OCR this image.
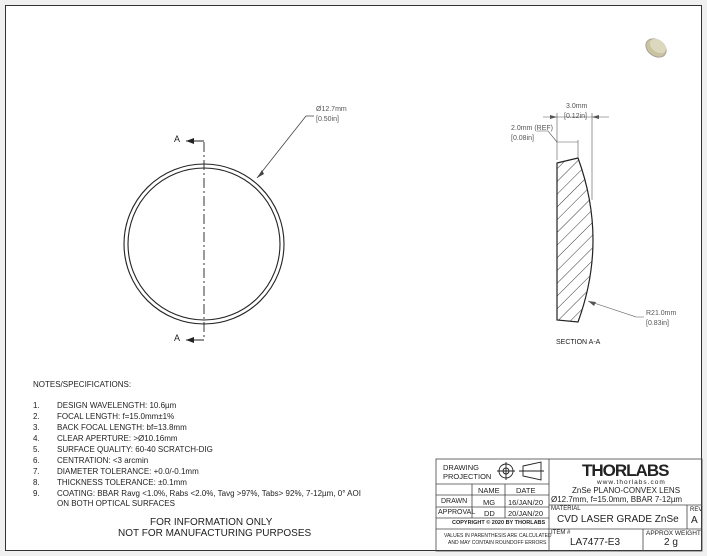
A
A
Ø12.7mm
[0.50in]
3.0mm
[0.12in]
2.0mm (REF)
[0.08in]
R21.0mm
[0.83in]
SECTION A-A
NOTES/SPECIFICATIONS:
1. DESIGN WAVELENGTH: 10.6µm
2. FOCAL LENGTH: f=15.0mm±1%
3. BACK FOCAL LENGTH: bf=13.8mm
4. CLEAR APERTURE: >Ø10.16mm
5. SURFACE QUALITY: 60-40 SCRATCH-DIG
6. CENTRATION: <3 arcmin
7. DIAMETER TOLERANCE: +0.0/-0.1mm
8. THICKNESS TOLERANCE: ±0.1mm
9. COATING: BBAR Ravg <1.0%, Rabs <2.0%, Tavg >97%, Tabs> 92%, 7-12µm, 0° AOI
ON BOTH OPTICAL SURFACES
FOR INFORMATION ONLY
NOT FOR MANUFACTURING PURPOSES
DRAWING
PROJECTION
NAME DATE
DRAWN MG 16/JAN/20
APPROVAL DD 20/JAN/20
COPYRIGHT © 2020 BY THORLABS
VALUES IN PARENTHESIS ARE CALCULATED
AND MAY CONTAIN ROUNDOFF ERRORS
THORLABS
www.thorlabs.com
ZnSe PLANO-CONVEX LENS
Ø12.7mm, f=15.0mm, BBAR 7-12µm
MATERIAL
CVD LASER GRADE ZnSe
REV
A
ITEM #
LA7477-E3
APPROX WEIGHT
2 g
